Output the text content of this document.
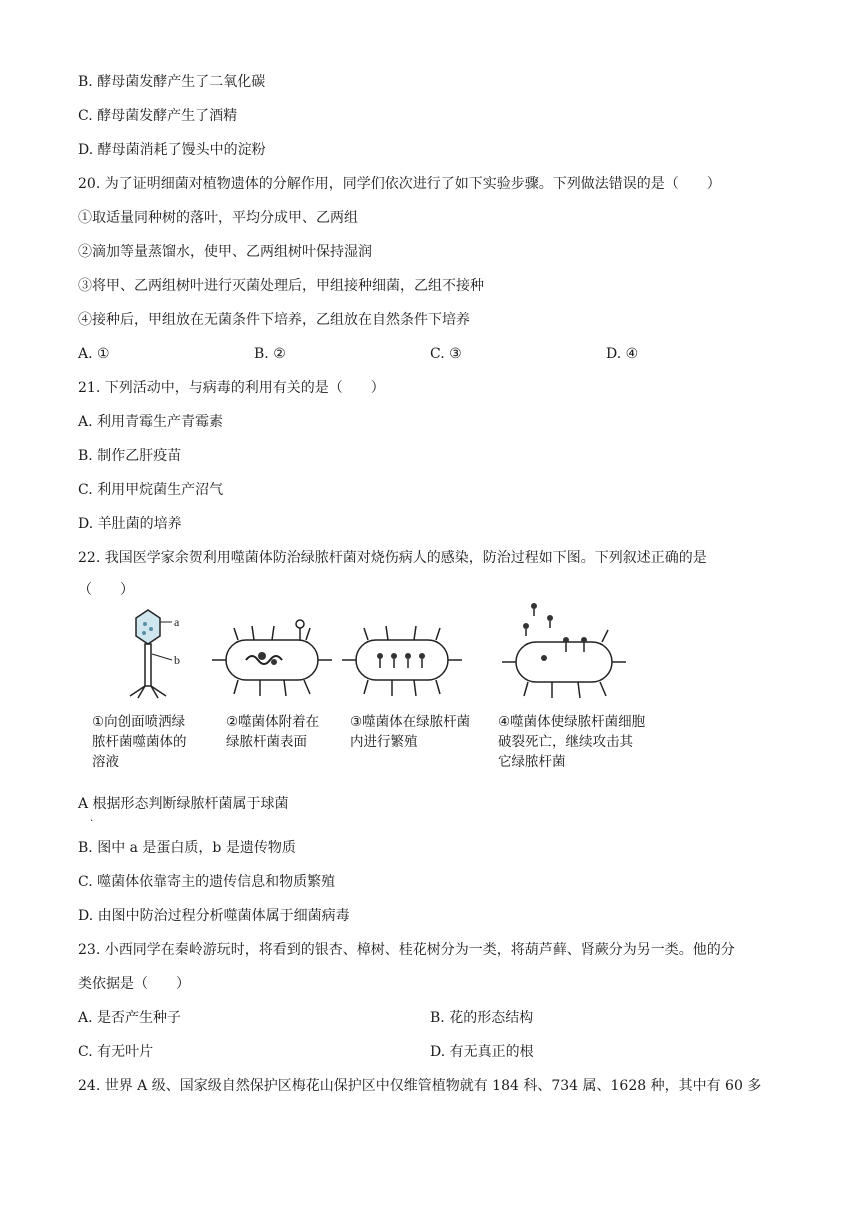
B. 酵母菌发酵产生了二氧化碳
C. 酵母菌发酵产生了酒精
D. 酵母菌消耗了馒头中的淀粉
20. 为了证明细菌对植物遗体的分解作用，同学们依次进行了如下实验步骤。下列做法错误的是（　　）
①取适量同种树的落叶，平均分成甲、乙两组
②滴加等量蒸馏水，使甲、乙两组树叶保持湿润
③将甲、乙两组树叶进行灭菌处理后，甲组接种细菌，乙组不接种
④接种后，甲组放在无菌条件下培养，乙组放在自然条件下培养
A. ①	B. ②	C. ③	D. ④
21. 下列活动中，与病毒的利用有关的是（　　）
A. 利用青霉生产青霉素
B. 制作乙肝疫苗
C. 利用甲烷菌生产沼气
D. 羊肚菌的培养
22. 我国医学家余贺利用噬菌体防治绿脓杆菌对烧伤病人的感染，防治过程如下图。下列叙述正确的是
（　　）
a
b
①向创面喷洒绿
脓杆菌噬菌体的
溶液
②噬菌体附着在
绿脓杆菌表面
③噬菌体在绿脓杆菌
内进行繁殖
④噬菌体使绿脓杆菌细胞
破裂死亡，继续攻击其
它绿脓杆菌
A 根据形态判断绿脓杆菌属于球菌
.
B. 图中 a 是蛋白质，b 是遗传物质
C. 噬菌体依靠寄主的遗传信息和物质繁殖
D. 由图中防治过程分析噬菌体属于细菌病毒
23. 小西同学在秦岭游玩时，将看到的银杏、樟树、桂花树分为一类，将葫芦藓、肾蕨分为另一类。他的分
类依据是（　　）
A. 是否产生种子	B. 花的形态结构
C. 有无叶片	D. 有无真正的根
24. 世界 A 级、国家级自然保护区梅花山保护区中仅维管植物就有 184 科、734 属、1628 种，其中有 60 多
